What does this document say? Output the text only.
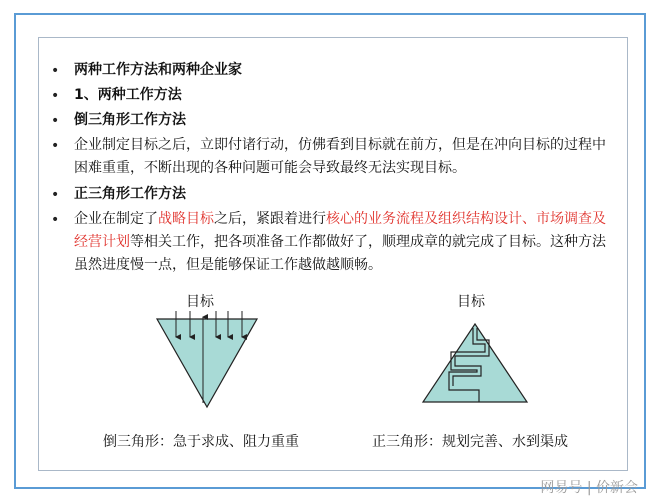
• 两种工作方法和两种企业家
• 1、两种工作方法
• 倒三角形工作方法
• 企业制定目标之后，立即付诸行动，仿佛看到目标就在前方，但是在冲向目标的过程中困难重重，不断出现的各种问题可能会导致最终无法实现目标。
• 正三角形工作方法
• 企业在制定了战略目标之后，紧跟着进行核心的业务流程及组织结构设计、市场调查及经营计划等相关工作，把各项准备工作都做好了，顺理成章的就完成了目标。这种方法虽然进度慢一点，但是能够保证工作越做越顺畅。
目标	目标
倒三角形：急于求成、阻力重重	正三角形：规划完善、水到渠成
网易号 | 价新会
